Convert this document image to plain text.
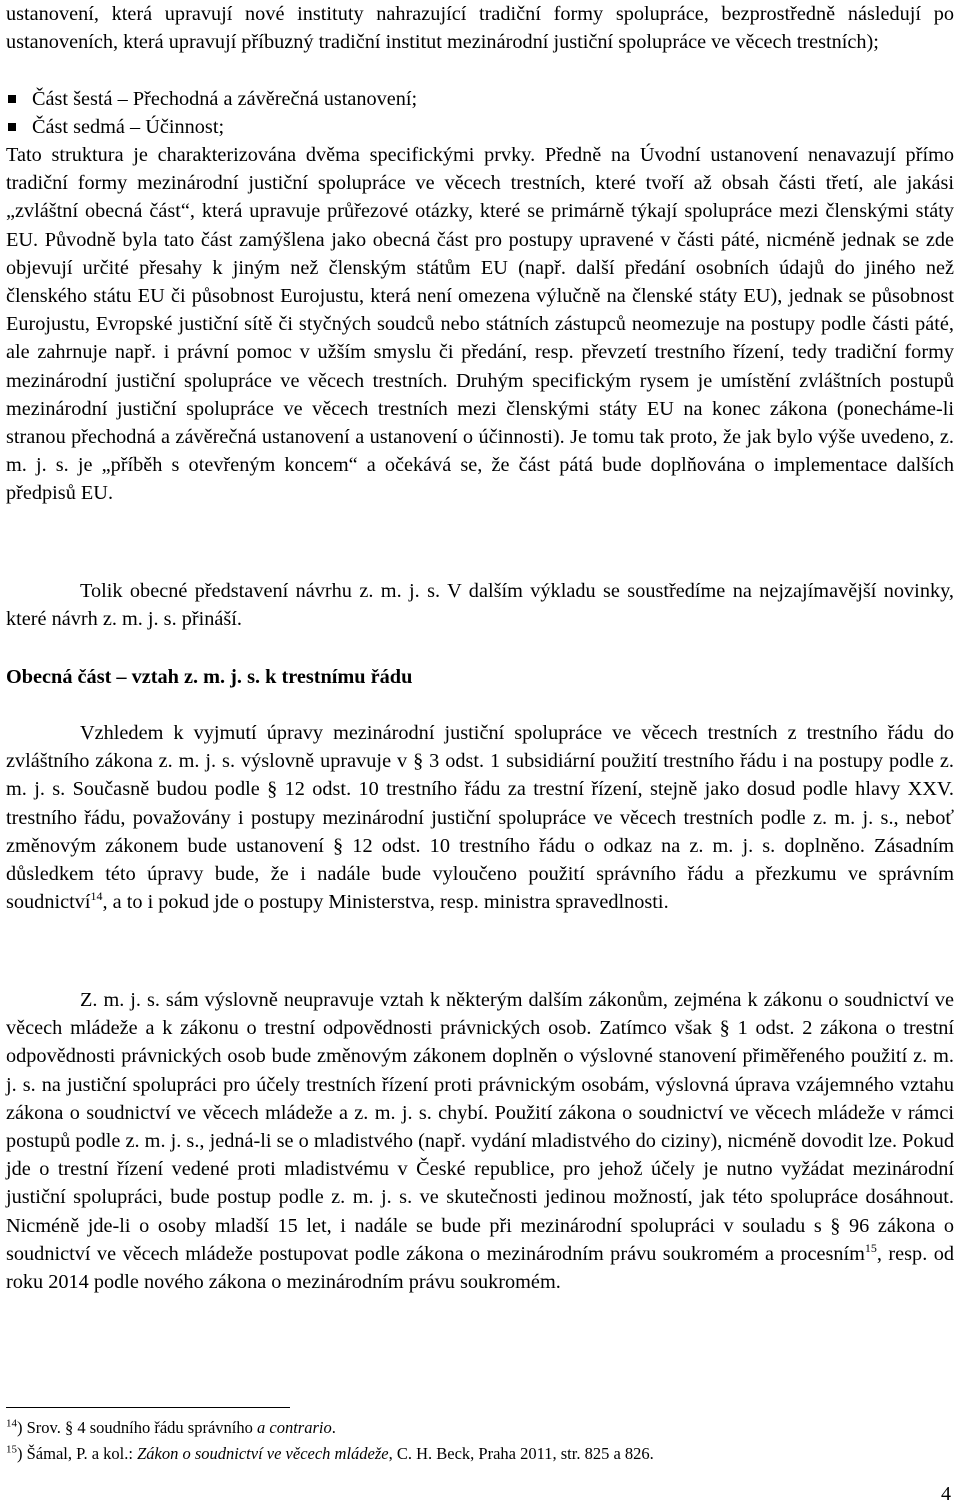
ustanovení, která upravují nové instituty nahrazující tradiční formy spolupráce, bezprostředně následují po ustanoveních, která upravují příbuzný tradiční institut mezinárodní justiční spolupráce ve věcech trestních);

Část šestá – Přechodná a závěrečná ustanovení;

Část sedmá – Účinnost;

Tato struktura je charakterizována dvěma specifickými prvky. Předně na Úvodní ustanovení nenavazují přímo tradiční formy mezinárodní justiční spolupráce ve věcech trestních, které tvoří až obsah části třetí, ale jakási „zvláštní obecná část“, která upravuje průřezové otázky, které se primárně týkají spolupráce mezi členskými státy EU. Původně byla tato část zamýšlena jako obecná část pro postupy upravené v části páté, nicméně jednak se zde objevují určité přesahy k jiným než členským státům EU (např. další předání osobních údajů do jiného než členského státu EU či působnost Eurojustu, která není omezena výlučně na členské státy EU), jednak se působnost Eurojustu, Evropské justiční sítě či styčných soudců nebo státních zástupců neomezuje na postupy podle části páté, ale zahrnuje např. i právní pomoc v užším smyslu či předání, resp. převzetí trestního řízení, tedy tradiční formy mezinárodní justiční spolupráce ve věcech trestních. Druhým specifickým rysem je umístění zvláštních postupů mezinárodní justiční spolupráce ve věcech trestních mezi členskými státy EU na konec zákona (ponecháme-li stranou přechodná a závěrečná ustanovení a ustanovení o účinnosti). Je tomu tak proto, že jak bylo výše uvedeno, z. m. j. s. je „příběh s otevřeným koncem“ a očekává se, že část pátá bude doplňována o implementace dalších předpisů EU.

Tolik obecné představení návrhu z. m. j. s. V dalším výkladu se soustředíme na nejzajímavější novinky, které návrh z. m. j. s. přináší.

Obecná část – vztah z. m. j. s. k trestnímu řádu

Vzhledem k vyjmutí úpravy mezinárodní justiční spolupráce ve věcech trestních z trestního řádu do zvláštního zákona z. m. j. s. výslovně upravuje v § 3 odst. 1 subsidiární použití trestního řádu i na postupy podle z. m. j. s. Současně budou podle § 12 odst. 10 trestního řádu za trestní řízení, stejně jako dosud podle hlavy XXV. trestního řádu, považovány i postupy mezinárodní justiční spolupráce ve věcech trestních podle z. m. j. s., neboť změnovým zákonem bude ustanovení § 12 odst. 10 trestního řádu o odkaz na z. m. j. s. doplněno. Zásadním důsledkem této úpravy bude, že i nadále bude vyloučeno použití správního řádu a přezkumu ve správním soudnictví$^{14}$, a to i pokud jde o postupy Ministerstva, resp. ministra spravedlnosti.

Z. m. j. s. sám výslovně neupravuje vztah k některým dalším zákonům, zejména k zákonu o soudnictví ve věcech mládeže a k zákonu o trestní odpovědnosti právnických osob. Zatímco však § 1 odst. 2 zákona o trestní odpovědnosti právnických osob bude změnovým zákonem doplněn o výslovné stanovení přiměřeného použití z. m. j. s. na justiční spolupráci pro účely trestních řízení proti právnickým osobám, výslovná úprava vzájemného vztahu zákona o soudnictví ve věcech mládeže a z. m. j. s. chybí. Použití zákona o soudnictví ve věcech mládeže v rámci postupů podle z. m. j. s., jedná-li se o mladistvého (např. vydání mladistvého do ciziny), nicméně dovodit lze. Pokud jde o trestní řízení vedené proti mladistvému v České republice, pro jehož účely je nutno vyžádat mezinárodní justiční spolupráci, bude postup podle z. m. j. s. ve skutečnosti jedinou možností, jak této spolupráce dosáhnout. Nicméně jde-li o osoby mladší 15 let, i nadále se bude při mezinárodní spolupráci v souladu s § 96 zákona o soudnictví ve věcech mládeže postupovat podle zákona o mezinárodním právu soukromém a procesním$^{15}$, resp. od roku 2014 podle nového zákona o mezinárodním právu soukromém.

$^{14}$) Srov. § 4 soudního řádu správního a contrario.

$^{15}$) Šámal, P. a kol.: Zákon o soudnictví ve věcech mládeže, C. H. Beck, Praha 2011, str. 825 a 826.

4
